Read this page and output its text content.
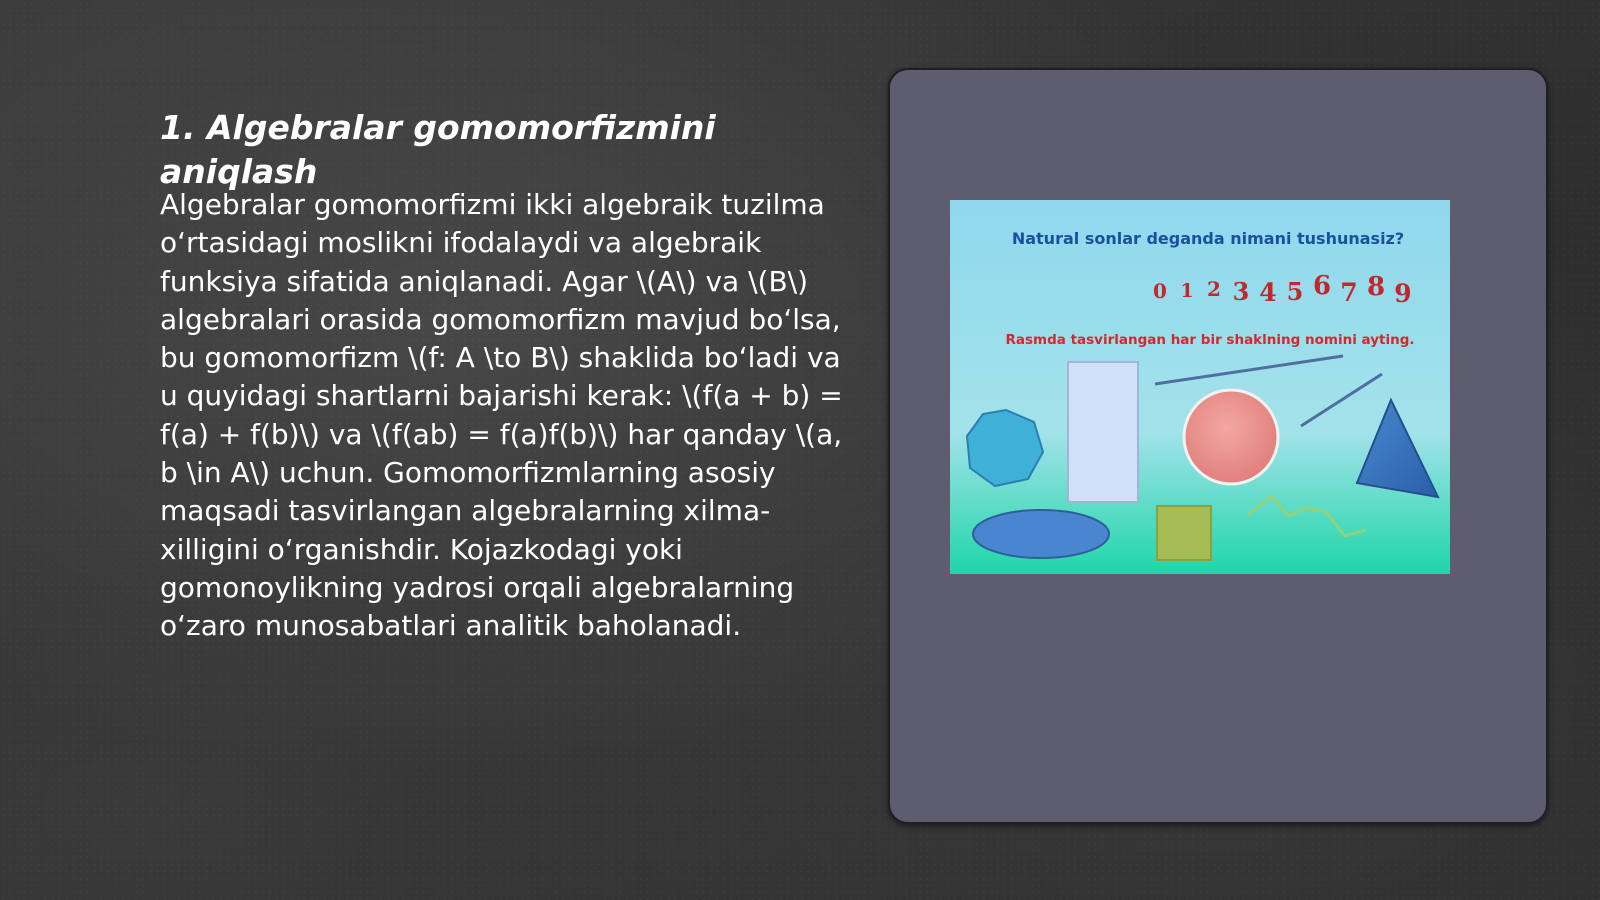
1. Algebralar gomomorfizmini aniqlash

Algebralar gomomorfizmi ikki algebraik tuzilma o‘rtasidagi moslikni ifodalaydi va algebraik funksiya sifatida aniqlanadi. Agar \(A\) va \(B\) algebralari orasida gomomorfizm mavjud bo‘lsa, bu gomomorfizm \(f: A \to B\) shaklida bo‘ladi va u quyidagi shartlarni bajarishi kerak: \(f(a + b) = f(a) + f(b)\) va \(f(ab) = f(a)f(b)\) har qanday \(a, b \in A\) uchun. Gomomorfizmlarning asosiy maqsadi tasvirlangan algebralarning xilma-xilligini o‘rganishdir. Kojazkodagi yoki gomonoylikning yadrosi orqali algebralarning o‘zaro munosabatlari analitik baholanadi.

Natural sonlar deganda nimani tushunasiz?
0 1 2 3 4 5 6 7 8 9
Rasmda tasvirlangan har bir shaklning nomini ayting.
